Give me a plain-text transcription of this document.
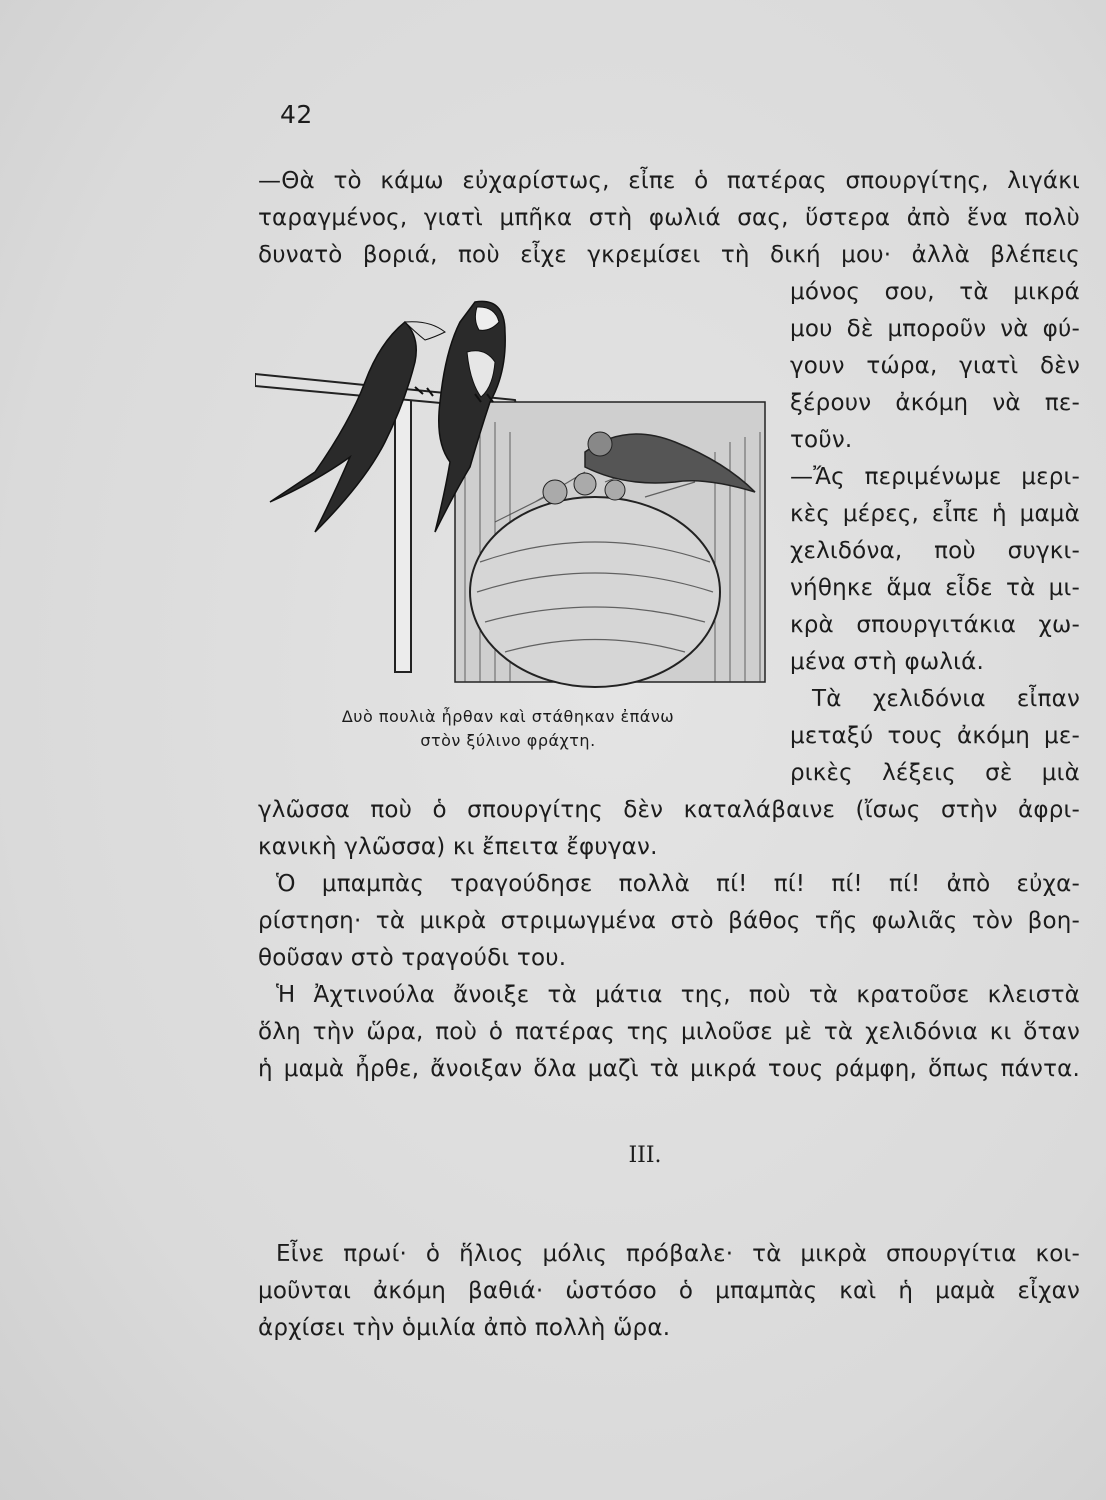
42
—Θὰ τὸ κάμω εὐχαρίστως, εἶπε ὁ πατέρας σπουργίτης, λιγάκι
ταραγμένος, γιατὶ μπῆκα στὴ φωλιά σας, ὕστερα ἀπὸ ἕνα πολὺ
δυνατὸ βοριά, ποὺ εἶχε γκρεμίσει τὴ δική μου· ἀλλὰ βλέπεις
μόνος σου, τὰ μικρά
μου δὲ μποροῦν νὰ φύ-
γουν τώρα, γιατὶ δὲν
ξέρουν ἀκόμη νὰ πε-
τοῦν.
—Ἄς περιμένωμε μερι-
κὲς μέρες, εἶπε ἡ μαμὰ
χελιδόνα, ποὺ συγκι-
νήθηκε ἅμα εἶδε τὰ μι-
κρὰ σπουργιτάκια χω-
μένα στὴ φωλιά.
Τὰ χελιδόνια εἶπαν
μεταξύ τους ἀκόμη με-
ρικὲς λέξεις σὲ μιὰ
γλῶσσα ποὺ ὁ σπουργίτης δὲν καταλάβαινε (ἴσως στὴν ἀφρι-
κανικὴ γλῶσσα) κι ἔπειτα ἔφυγαν.
Ὁ μπαμπὰς τραγούδησε πολλὰ πί! πί! πί! πί! ἀπὸ εὐχα-
ρίστηση· τὰ μικρὰ στριμωγμένα στὸ βάθος τῆς φωλιᾶς τὸν βοη-
θοῦσαν στὸ τραγούδι του.
Ἡ Ἀχτινούλα ἄνοιξε τὰ μάτια της, ποὺ τὰ κρατοῦσε κλειστὰ
ὅλη τὴν ὥρα, ποὺ ὁ πατέρας της μιλοῦσε μὲ τὰ χελιδόνια κι ὅταν
ἡ μαμὰ ἦρθε, ἄνοιξαν ὅλα μαζὶ τὰ μικρά τους ράμφη, ὅπως πάντα.
Δυὸ πουλιὰ ἦρθαν καὶ στάθηκαν ἐπάνω
στὸν ξύλινο φράχτη.
ΙΙΙ.
Εἶνε πρωί· ὁ ἥλιος μόλις πρόβαλε· τὰ μικρὰ σπουργίτια κοι-
μοῦνται ἀκόμη βαθιά· ὡστόσο ὁ μπαμπὰς καὶ ἡ μαμὰ εἶχαν
ἀρχίσει τὴν ὁμιλία ἀπὸ πολλὴ ὥρα.
